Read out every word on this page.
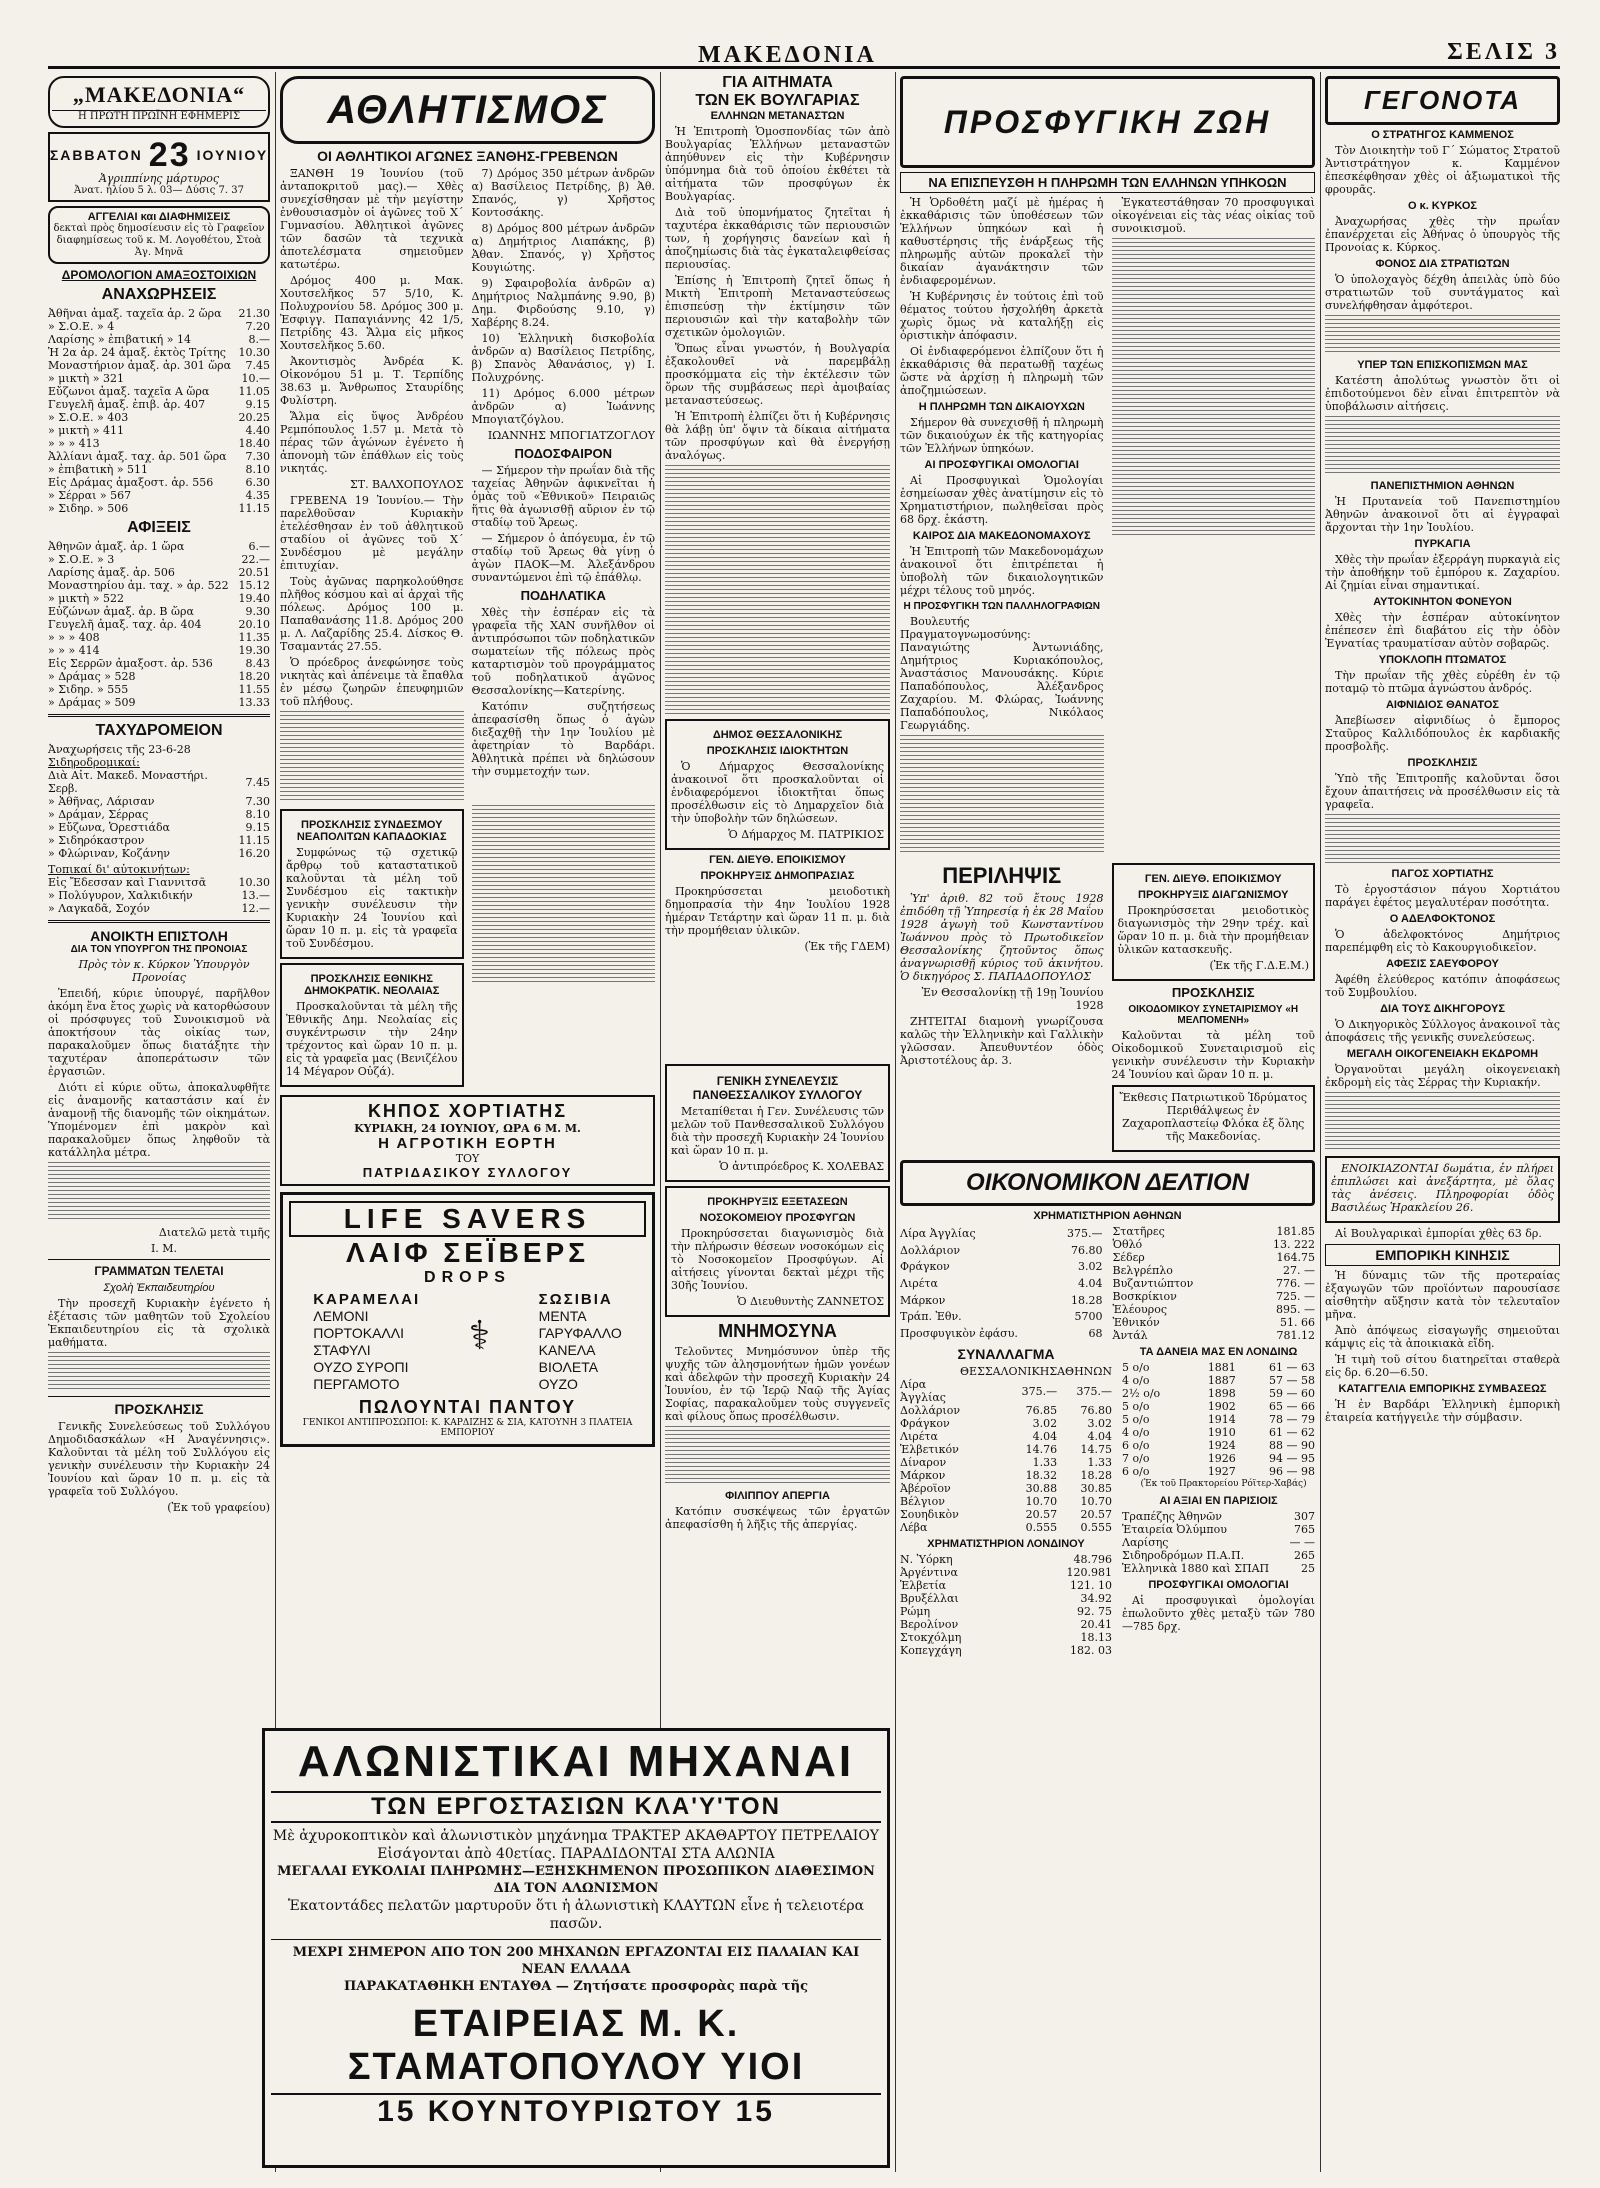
ΜΑΚΕΔΟΝΙΑ	ΣΕΛΙΣ 3
„ΜΑΚΕΔΟΝΙΑ“
Η ΠΡΩΤΗ ΠΡΩΪΝΗ ΕΦΗΜΕΡΙΣ
ΣΑΒΒΑΤΟΝ 23 ΙΟΥΝΙΟΥ
Ἀγριππίνης μάρτυρος
Ἀνατ. ἡλίου 5 λ. 03— Δύσις 7. 37
ΑΓΓΕΛΙΑΙ και ΔΙΑΦΗΜΙΣΕΙΣ
δεκταὶ πρὸς δημοσίευσιν εἰς τὸ Γραφεῖον διαφημίσεως τοῦ κ. Μ. Λογοθέτου, Στοὰ Ἀγ. Μηνᾶ
ΔΡΟΜΟΛΟΓΙΟΝ ΑΜΑΞΟΣΤΟΙΧΙΩΝ
ΑΝΑΧΩΡΗΣΕΙΣ
Ἀθῆναι ἀμαξ. ταχεῖα ἀρ. 2 ὥρα	21.30
» Σ.Ο.Ε. » 4	7.20
Λαρίσης » ἐπιβατική » 14	8.—
Ἡ 2α ἀρ. 24 ἀμαξ. ἐκτὸς Τρίτης	10.30
Μοναστήριον ἀμαξ. ἀρ. 301 ὥρα	7.45
» μικτὴ » 321	10.—
Εὔζωνοι ἀμαξ. ταχεῖα Α ὥρα	11.05
Γευγελῆ ἀμαξ. ἐπιβ. ἀρ. 407	9.15
» Σ.Ο.Ε. » 403	20.25
» μικτὴ » 411	4.40
» » » 413	18.40
Ἀλλίανι ἀμαξ. ταχ. ἀρ. 501 ὥρα	7.30
» ἐπιβατικὴ » 511	8.10
Εἰς Δράμας ἀμαξοστ. ἀρ. 556	6.30
» Σέρραι » 567	4.35
» Σιδηρ. » 506	11.15
ΑΦΙΞΕΙΣ
Ἀθηνῶν ἀμαξ. ἀρ. 1 ὥρα	6.—
» Σ.Ο.Ε. » 3	22.—
Λαρίσης ἀμαξ. ἀρ. 506	20.51
Μοναστηρίου ἀμ. ταχ. » ἀρ. 522	15.12
» μικτὴ » 522	19.40
Εὐζώνων ἀμαξ. ἀρ. Β ὥρα	9.30
Γευγελῆ ἀμαξ. ταχ. ἀρ. 404	20.10
» » » 408	11.35
» » » 414	19.30
Εἰς Σερρῶν ἀμαξοστ. ἀρ. 536	8.43
» Δράμας » 528	18.20
» Σιδηρ. » 555	11.55
» Δράμας » 509	13.33
ΤΑΧΥΔΡΟΜΕΙΟΝ
Ἀναχωρήσεις τῆς 23-6-28
Σιδηροδρομικαί:
Διὰ Αἰτ. Μακεδ. Μοναστήρι. Σερβ.	7.45
» Ἀθῆνας, Λάρισαν	7.30
» Δράμαν, Σέρρας	8.10
» Εὔζωνα, Ὁρεστιάδα	9.15
» Σιδηρόκαστρον	11.15
» Φλώριναν, Κοζάνην	16.20
Τοπικαί δι' αὐτοκινήτων:
Εἰς Ἔδεσσαν καὶ Γιαννιτσᾶ	10.30
» Πολύγυρον, Χαλκιδικήν	13.—
» Λαγκαδᾶ, Σοχόν	12.—
ΑΝΟΙΚΤΗ ΕΠΙΣΤΟΛΗ
ΔΙΑ ΤΟΝ ΥΠΟΥΡΓΟΝ ΤΗΣ ΠΡΟΝΟΙΑΣ

Πρὸς τὸν κ. Κύρκον Ὑπουργὸν Προνοίας

Ἐπειδή, κύριε ὑπουργέ, παρῆλθον ἀκόμη ἕνα ἔτος χωρὶς νὰ κατορθώσουν οἱ πρόσφυγες τοῦ Συνοικισμοῦ νὰ ἀποκτήσουν τὰς οἰκίας των, παρακαλοῦμεν ὅπως διατάξητε τὴν ταχυτέραν ἀποπεράτωσιν τῶν ἐργασιῶν.

Διότι εἰ κύριε οὕτω, ἀποκαλυφθῆτε εἰς ἀναμονῆς καταστάσιν καί ἐν ἀναμονῇ τῆς διανομῆς τῶν οἰκημάτων. Ὑπομένομεν ἐπὶ μακρὸν καὶ παρακαλοῦμεν ὅπως ληφθοῦν τὰ κατάλληλα μέτρα.

Διατελῶ μετὰ τιμῆς

Ι. Μ.

ΓΡΑΜΜΑΤΩΝ ΤΕΛΕΤΑΙ
Σχολὴ Ἐκπαιδευτηρίου

Τὴν προσεχῆ Κυριακὴν ἐγένετο ἡ ἐξέτασις τῶν μαθητῶν τοῦ Σχολείου Ἐκπαιδευτηρίου εἰς τὰ σχολικὰ μαθήματα.

ΠΡΟΣΚΛΗΣΙΣ

Γενικῆς Συνελεύσεως τοῦ Συλλόγου Δημοδιδασκάλων «Η Ἀναγέννησις». Καλοῦνται τὰ μέλη τοῦ Συλλόγου εἰς γενικὴν συνέλευσιν τὴν Κυριακὴν 24 Ἰουνίου καὶ ὥραν 10 π. μ. εἰς τὰ γραφεῖα τοῦ Συλλόγου.

(Ἐκ τοῦ γραφείου)

ΑΘΛΗΤΙΣΜΟΣ
ΟΙ ΑΘΛΗΤΙΚΟΙ ΑΓΩΝΕΣ ΞΑΝΘΗΣ-ΓΡΕΒΕΝΩΝ

ΞΑΝΘΗ 19 Ἰουνίου (τοῦ ἀνταποκριτοῦ μας).— Χθὲς συνεχίσθησαν μὲ τὴν μεγίστην ἐνθουσιασμὸν οἱ ἀγῶνες τοῦ Χ΄ Γυμνασίου. Ἀθλητικοὶ ἀγῶνες τῶν δασῶν τὰ τεχνικὰ ἀποτελέσματα σημειοῦμεν κατωτέρω.

Δρόμος 400 μ. Μακ. Χουτσελῆκος 57 5/10, Κ. Πολυχρονίου 58. Δρόμος 300 μ. Ἐσφιγγ. Παπαγιάννης 42 1/5, Πετρίδης 43. Ἅλμα εἰς μῆκος Χουτσελῆκος 5.60.

Ἀκοντισμὸς Ἀνδρέα Κ. Οἰκονόμου 51 μ. Τ. Τερπίδης 38.63 μ. Ἄνθρωπος Σταυρίδης Φυλίστρη.

Ἅλμα εἰς ὕψος Ἀνδρέου Ρεμπόπουλος 1.57 μ. Μετὰ τὸ πέρας τῶν ἀγώνων ἐγένετο ἡ ἀπονομὴ τῶν ἐπάθλων εἰς τοὺς νικητάς.

ΣΤ. ΒΑΛΧΟΠΟΥΛΟΣ

ΓΡΕΒΕΝΑ 19 Ἰουνίου.— Τὴν παρελθοῦσαν Κυριακὴν ἐτελέσθησαν ἐν τοῦ ἀθλητικοῦ σταδίου οἱ ἀγῶνες τοῦ Χ΄ Συνδέσμου μὲ μεγάλην ἐπιτυχίαν.

Τοὺς ἀγῶνας παρηκολούθησε πλῆθος κόσμου καὶ αἱ ἀρχαὶ τῆς πόλεως. Δρόμος 100 μ. Παπαθανάσης 11.8. Δρόμος 200 μ. Λ. Λαζαρίδης 25.4. Δίσκος Θ. Τσαμαντάς 27.55.

Ὁ πρόεδρος ἀνεφώνησε τοὺς νικητὰς καὶ ἀπένειμε τὰ ἔπαθλα ἐν μέσῳ ζωηρῶν ἐπευφημιῶν τοῦ πλήθους.

7) Δρόμος 350 μέτρων ἀνδρῶν α) Βασίλειος Πετρίδης, β) Ἀθ. Σπανός, γ) Χρῆστος Κοντοσάκης.

8) Δρόμος 800 μέτρων ἀνδρῶν α) Δημήτριος Λιαπάκης, β) Ἀθαν. Σπανός, γ) Χρῆστος Κουγιώτης.

9) Σφαιροβολία ἀνδρῶν α) Δημήτριος Ναλμπάνης 9.90, β) Δημ. Φιρδούσης 9.10, γ) Χαβέρης 8.24.

10) Ἑλληνικὴ δισκοβολία ἀνδρῶν α) Βασίλειος Πετρίδης, β) Σπανὸς Ἀθανάσιος, γ) Ι. Πολυχρόνης.

11) Δρόμος 6.000 μέτρων ἀνδρῶν α) Ἰωάννης Μπογιατζόγλου.

ΙΩΑΝΝΗΣ ΜΠΟΓΙΑΤΖΟΓΛΟΥ

ΠΟΔΟΣΦΑΙΡΟΝ

— Σήμερον τὴν πρωΐαν διὰ τῆς ταχείας Ἀθηνῶν ἀφικνεῖται ἡ ὁμὰς τοῦ «Ἐθνικοῦ» Πειραιῶς ἥτις θὰ ἀγωνισθῇ αὔριον ἐν τῷ σταδίῳ τοῦ Ἅρεως.

— Σήμερον ὁ ἀπόγευμα, ἐν τῷ σταδίῳ τοῦ Ἄρεως θὰ γίνῃ ὁ ἀγὼν ΠΑΟΚ—Μ. Ἀλεξάνδρου συναντώμενοι ἐπὶ τῷ ἐπάθλῳ.

ΠΟΔΗΛΑΤΙΚΑ

Χθὲς τὴν ἑσπέραν εἰς τὰ γραφεῖα τῆς ΧΑΝ συνῆλθον οἱ ἀντιπρόσωποι τῶν ποδηλατικῶν σωματείων τῆς πόλεως πρὸς καταρτισμὸν τοῦ προγράμματος τοῦ ποδηλατικοῦ ἀγῶνος Θεσσαλονίκης—Κατερίνης.

Κατόπιν συζητήσεως ἀπεφασίσθη ὅπως ὁ ἀγὼν διεξαχθῇ τὴν 1ην Ἰουλίου μὲ ἀφετηρίαν τὸ Βαρδάρι. Ἀθλητικὰ πρέπει νὰ δηλώσουν τὴν συμμετοχήν των.

ΠΡΟΣΚΛΗΣΙΣ ΣΥΝΔΕΣΜΟΥ ΝΕΑΠΟΛΙΤΩΝ ΚΑΠΑΔΟΚΙΑΣ

Συμφώνως τῷ σχετικῷ ἄρθρῳ τοῦ καταστατικοῦ καλοῦνται τὰ μέλη τοῦ Συνδέσμου εἰς τακτικὴν γενικὴν συνέλευσιν τὴν Κυριακὴν 24 Ἰουνίου καὶ ὥραν 10 π. μ. εἰς τὰ γραφεῖα τοῦ Συνδέσμου.

ΠΡΟΣΚΛΗΣΙΣ ΕΘΝΙΚΗΣ ΔΗΜΟΚΡΑΤΙΚ. ΝΕΟΛΑΙΑΣ

Προσκαλοῦνται τὰ μέλη τῆς Ἐθνικῆς Δημ. Νεολαίας εἰς συγκέντρωσιν τὴν 24ην τρέχοντος καὶ ὥραν 10 π. μ. εἰς τὰ γραφεῖα μας (Βενιζέλου 14 Μέγαρον Οὐζά).

ΚΗΠΟΣ ΧΟΡΤΙΑΤΗΣ
ΚΥΡΙΑΚΗ, 24 ΙΟΥΝΙΟΥ, ΩΡΑ 6 Μ. Μ.
Η ΑΓΡΟΤΙΚΗ ΕΟΡΤΗ
ΤΟΥ
ΠΑΤΡΙΔΑΣΙΚΟΥ ΣΥΛΛΟΓΟΥ
LIFE SAVERS
ΛΑΙΦ ΣΕΪΒΕΡΣ
DROPS
ΚΑΡΑΜΕΛΑΙ
ΛΕΜΟΝΙ
ΠΟΡΤΟΚΑΛΛΙ
ΣΤΑΦΥΛΙ
ΟΥΖΟ ΣΥΡΟΠΙ
ΠΕΡΓΑΜΟΤΟ
⚕
ΣΩΣΙΒΙΑ
ΜΕΝΤΑ
ΓΑΡΥΦΑΛΛΟ
ΚΑΝΕΛΑ
ΒΙΟΛΕΤΑ
ΟΥΖΟ
ΠΩΛΟΥΝΤΑΙ ΠΑΝΤΟΥ
ΓΕΝΙΚΟΙ ΑΝΤΙΠΡΟΣΩΠΟΙ: Κ. ΚΑΡΔΙΖΗΣ & ΣΙΑ, ΚΑΤΟΥΝΗ 3 ΠΛΑΤΕΙΑ ΕΜΠΟΡΙΟΥ
ΓΙΑ ΑΙΤΗΜΑΤΑ
ΤΩΝ ΕΚ ΒΟΥΛΓΑΡΙΑΣ
ΕΛΛΗΝΩΝ ΜΕΤΑΝΑΣΤΩΝ

Ἡ Ἐπιτροπὴ Ὁμοσπονδίας τῶν ἀπὸ Βουλγαρίας Ἑλλήνων μεταναστῶν ἀπηύθυνεν εἰς τὴν Κυβέρνησιν ὑπόμνημα διὰ τοῦ ὁποίου ἐκθέτει τὰ αἰτήματα τῶν προσφύγων ἐκ Βουλγαρίας.

Διὰ τοῦ ὑπομνήματος ζητεῖται ἡ ταχυτέρα ἐκκαθάρισις τῶν περιουσιῶν των, ἡ χορήγησις δανείων καὶ ἡ ἀποζημίωσις διὰ τὰς ἐγκαταλειφθείσας περιουσίας.

Ἐπίσης ἡ Ἐπιτροπὴ ζητεῖ ὅπως ἡ Μικτὴ Ἐπιτροπὴ Μεταναστεύσεως ἐπισπεύσῃ τὴν ἐκτίμησιν τῶν περιουσιῶν καὶ τὴν καταβολὴν τῶν σχετικῶν ὀμολογιῶν.

Ὅπως εἶναι γνωστόν, ἡ Βουλγαρία ἐξακολουθεῖ νὰ παρεμβάλῃ προσκόμματα εἰς τὴν ἐκτέλεσιν τῶν ὅρων τῆς συμβάσεως περὶ ἀμοιβαίας μεταναστεύσεως.

Ἡ Ἐπιτροπὴ ἐλπίζει ὅτι ἡ Κυβέρνησις θὰ λάβῃ ὑπ' ὄψιν τὰ δίκαια αἰτήματα τῶν προσφύγων καὶ θὰ ἐνεργήσῃ ἀναλόγως.

ΔΗΜΟΣ ΘΕΣΣΑΛΟΝΙΚΗΣ
ΠΡΟΣΚΛΗΣΙΣ ΙΔΙΟΚΤΗΤΩΝ

Ὁ Δήμαρχος Θεσσαλονίκης ἀνακοινοῖ ὅτι προσκαλοῦνται οἱ ἐνδιαφερόμενοι ἰδιοκτῆται ὅπως προσέλθωσιν εἰς τὸ Δημαρχεῖον διὰ τὴν ὑποβολὴν τῶν δηλώσεων.

Ὁ Δήμαρχος Μ. ΠΑΤΡΙΚΙΟΣ

ΓΕΝ. ΔΙΕΥΘ. ΕΠΟΙΚΙΣΜΟΥ
ΠΡΟΚΗΡΥΞΙΣ ΔΗΜΟΠΡΑΣΙΑΣ

Προκηρύσσεται μειοδοτικὴ δημοπρασία τὴν 4ην Ἰουλίου 1928 ἡμέραν Τετάρτην καὶ ὥραν 11 π. μ. διὰ τὴν προμήθειαν ὑλικῶν.

(Ἐκ τῆς ΓΔΕΜ)

ΠΡΟΣΦΥΓΙΚΗ ΖΩΗ
ΝΑ ΕΠΙΣΠΕΥΣΘΗ Η ΠΛΗΡΩΜΗ ΤΩΝ ΕΛΛΗΝΩΝ ΥΠΗΚΟΩΝ

Ἡ Ὁρδοθέτη μαζί μὲ ἡμέρας ἡ ἐκκαθάρισις τῶν ὑποθέσεων τῶν Ἑλλήνων ὑπηκόων καὶ ἡ καθυστέρησις τῆς ἐνάρξεως τῆς πληρωμῆς αὐτῶν προκαλεῖ τὴν δικαίαν ἀγανάκτησιν τῶν ἐνδιαφερομένων.

Ἡ Κυβέρνησις ἐν τούτοις ἐπὶ τοῦ θέματος τούτου ἠσχολήθη ἀρκετὰ χωρὶς ὅμως νὰ καταλήξῃ εἰς ὁριστικὴν ἀπόφασιν.

Οἱ ἐνδιαφερόμενοι ἐλπίζουν ὅτι ἡ ἐκκαθάρισις θὰ περατωθῇ ταχέως ὥστε νὰ ἀρχίσῃ ἡ πληρωμὴ τῶν ἀποζημιώσεων.

Η ΠΛΗΡΩΜΗ ΤΩΝ ΔΙΚΑΙΟΥΧΩΝ

Σήμερον θὰ συνεχισθῇ ἡ πληρωμὴ τῶν δικαιούχων ἐκ τῆς κατηγορίας τῶν Ἑλλήνων ὑπηκόων.

ΑΙ ΠΡΟΣΦΥΓΙΚΑΙ ΟΜΟΛΟΓΙΑΙ

Αἱ Προσφυγικαὶ Ὁμολογίαι ἐσημείωσαν χθὲς ἀνατίμησιν εἰς τὸ Χρηματιστήριον, πωληθεῖσαι πρὸς 68 δρχ. ἑκάστη.

ΚΑΙΡΟΣ ΔΙΑ ΜΑΚΕΔΟΝΟΜΑΧΟΥΣ

Ἡ Ἐπιτροπὴ τῶν Μακεδονομάχων ἀνακοινοῖ ὅτι ἐπιτρέπεται ἡ ὑποβολὴ τῶν δικαιολογητικῶν μέχρι τέλους τοῦ μηνός.

Η ΠΡΟΣΦΥΓΙΚΗ ΤΩΝ ΠΑΛΛΗΛΟΓΡΑΦΙΩΝ

Βουλευτής Πραγματογνωμοσύνης: Παναγιώτης Ἀντωνιάδης, Δημήτριος Κυριακόπουλος, Ἀναστάσιος Μανουσάκης. Κύριε Παπαδόπουλος, Ἀλέξανδρος Ζαχαρίου. Μ. Φλώρας, Ἰωάννης Παπαδόπουλος, Νικόλαος Γεωργιάδης.

Ἐγκατεστάθησαν 70 προσφυγικαὶ οἰκογένειαι εἰς τὰς νέας οἰκίας τοῦ συνοικισμοῦ.

ΠΕΡΙΛΗΨΙΣ

Ὑπ' ἀριθ. 82 τοῦ ἔτους 1928 ἐπιδόθη τῇ Ὑπηρεσίᾳ ἡ ἐκ 28 Μαΐου 1928 ἀγωγὴ τοῦ Κωνσταντίνου Ἰωάννου πρὸς τὸ Πρωτοδικεῖον Θεσσαλονίκης ζητοῦντος ὅπως ἀναγνωρισθῇ κύριος τοῦ ἀκινήτου. Ὁ δικηγόρος Σ. ΠΑΠΑΔΟΠΟΥΛΟΣ

Ἐν Θεσσαλονίκῃ τῇ 19ῃ Ἰουνίου 1928

ΖΗΤΕΙΤΑΙ διαμονὴ γνωρίζουσα καλῶς τὴν Ἑλληνικὴν καὶ Γαλλικὴν γλῶσσαν. Ἀπευθυντέον ὁδὸς Ἀριστοτέλους ἀρ. 3.

ΓΕΝ. ΔΙΕΥΘ. ΕΠΟΙΚΙΣΜΟΥ
ΠΡΟΚΗΡΥΞΙΣ ΔΙΑΓΩΝΙΣΜΟΥ

Προκηρύσσεται μειοδοτικὸς διαγωνισμὸς τὴν 29ην τρέχ. καὶ ὥραν 10 π. μ. διὰ τὴν προμήθειαν ὑλικῶν κατασκευῆς.

(Ἐκ τῆς Γ.Δ.Ε.Μ.)

ΠΡΟΣΚΛΗΣΙΣ
ΟΙΚΟΔΟΜΙΚΟΥ ΣΥΝΕΤΑΙΡΙΣΜΟΥ «Η ΜΕΛΠΟΜΕΝΗ»

Καλοῦνται τὰ μέλη τοῦ Οἰκοδομικοῦ Συνεταιρισμοῦ εἰς γενικὴν συνέλευσιν τὴν Κυριακὴν 24 Ἰουνίου καὶ ὥραν 10 π. μ.

Ἔκθεσις Πατριωτικοῦ Ἱδρύματος Περιθάλψεως ἐν Ζαχαροπλαστείῳ Φλόκα ἐξ ὅλης τῆς Μακεδονίας.

ΟΙΚΟΝΟΜΙΚΟΝ ΔΕΛΤΙΟΝ
ΧΡΗΜΑΤΙΣΤΗΡΙΟΝ ΑΘΗΝΩΝ
Λίρα Ἀγγλίας	375.—
Δολλάριον	76.80
Φράγκον	3.02
Λιρέτα	4.04
Μάρκον	18.28
Τράπ. Ἐθν.	5700
Προσφυγικὸν ἐφάσυ.	68
Στατῆρες	181.85
Ὁθλό	13. 222
Σέδερ	164.75
Βελγρέπλο	27. —
Βυζαντιώπτον	776. —
Βοσκρίκιον	725. —
Ἑλέουρος	895. —
Ἐθνικόν	51. 66
Ἀντάλ	781.12
ΣΥΝΑΛΛΑΓΜΑ
	ΘΕΣΣΑΛΟΝΙΚΗΣ	ΑΘΗΝΩΝ
Λίρα Ἀγγλίας	375.—	375.—
Δολλάριον	76.85	76.80
Φράγκον	3.02	3.02
Λιρέτα	4.04	4.04
Ἑλβετικόν	14.76	14.75
Δίναρον	1.33	1.33
Μάρκον	18.32	18.28
Ἀβέροϊον	30.88	30.85
Βέλγιον	10.70	10.70
Σουηδικὸν	20.57	20.57
Λέβα	0.555	0.555
ΧΡΗΜΑΤΙΣΤΗΡΙΟΝ ΛΟΝΔΙΝΟΥ
Ν. Ὑόρκη	48.796
Ἀργέντινα	120.981
Ἑλβετία	121. 10
Βρυξέλλαι	34.92
Ρώμη	92. 75
Βερολίνον	20.41
Στοκχόλμη	18.13
Κοπεγχάγη	182. 03
ΤΑ ΔΑΝΕΙΑ ΜΑΣ ΕΝ ΛΟΝΔΙΝΩ
5 ο/ο	1881	61 — 63
4 ο/ο	1887	57 — 58
2½ ο/ο	1898	59 — 60
5 ο/ο	1902	65 — 66
5 ο/ο	1914	78 — 79
4 ο/ο	1910	61 — 62
6 ο/ο	1924	88 — 90
7 ο/ο	1926	94 — 95
6 ο/ο	1927	96 — 98

(Ἐκ τοῦ Πρακτορείου Ρόϊτερ-Χαβάς)

ΑΙ ΑΞΙΑΙ ΕΝ ΠΑΡΙΣΙΟΙΣ
Τραπέζης Ἀθηνῶν	307
Ἑταιρεία Ὀλύμπου	765
Λαρίσης	— —
Σιδηροδρόμων Π.Α.Π.	265
Ἑλληνικὰ 1880 καὶ ΣΠΑΠ	25
ΠΡΟΣΦΥΓΙΚΑΙ ΟΜΟΛΟΓΙΑΙ

Αἱ προσφυγικαὶ ὁμολογίαι ἐπωλοῦντο χθὲς μεταξὺ τῶν 780—785 δρχ.

ΓΕΝΙΚΗ ΣΥΝΕΛΕΥΣΙΣ ΠΑΝΘΕΣΣΑΛΙΚΟΥ ΣΥΛΛΟΓΟΥ

Μεταπίθεται ἡ Γεν. Συνέλευσις τῶν μελῶν τοῦ Πανθεσσαλικοῦ Συλλόγου διὰ τὴν προσεχῆ Κυριακὴν 24 Ἰουνίου καὶ ὥραν 10 π. μ.

Ὁ ἀντιπρόεδρος Κ. ΧΟΛΕΒΑΣ

ΠΡΟΚΗΡΥΞΙΣ ΕΞΕΤΑΣΕΩΝ
ΝΟΣΟΚΟΜΕΙΟΥ ΠΡΟΣΦΥΓΩΝ

Προκηρύσσεται διαγωνισμὸς διὰ τὴν πλήρωσιν θέσεων νοσοκόμων εἰς τὸ Νοσοκομεῖον Προσφύγων. Αἱ αἰτήσεις γίνονται δεκταὶ μέχρι τῆς 30ῆς Ἰουνίου.

Ὁ Διευθυντὴς ΖΑΝΝΕΤΟΣ

ΜΝΗΜΟΣΥΝΑ

Τελοῦντες Μνημόσυνον ὑπὲρ τῆς ψυχῆς τῶν ἀλησμονήτων ἡμῶν γονέων καὶ ἀδελφῶν τὴν προσεχῆ Κυριακὴν 24 Ἰουνίου, ἐν τῷ Ἱερῷ Ναῷ τῆς Ἁγίας Σοφίας, παρακαλοῦμεν τοὺς συγγενεῖς καὶ φίλους ὅπως προσέλθωσιν.

ΦΙΛΙΠΠΟΥ ΑΠΕΡΓΙΑ

Κατόπιν συσκέψεως τῶν ἐργατῶν ἀπεφασίσθη ἡ λῆξις τῆς ἀπεργίας.

ΑΛΩΝΙΣΤΙΚΑΙ ΜΗΧΑΝΑΙ
ΤΩΝ ΕΡΓΟΣΤΑΣΙΩΝ ΚΛΑ'Υ'ΤΟΝ
Μὲ ἀχυροκοπτικὸν καὶ ἁλωνιστικὸν μηχάνημα ΤΡΑΚΤΕΡ ΑΚΑΘΑΡΤΟΥ ΠΕΤΡΕΛΑΙΟΥ
Εἰσάγονται ἀπὸ 40ετίας. ΠΑΡΑΔΙΔΟΝΤΑΙ ΣΤΑ ΑΛΩΝΙΑ
ΜΕΓΑΛΑΙ ΕΥΚΟΛΙΑΙ ΠΛΗΡΩΜΗΣ—ΕΞΗΣΚΗΜΕΝΟΝ ΠΡΟΣΩΠΙΚΟΝ ΔΙΑΘΕΣΙΜΟΝ ΔΙΑ ΤΟΝ ΑΛΩΝΙΣΜΟΝ
Ἑκατοντάδες πελατῶν μαρτυροῦν ὅτι ἡ ἁλωνιστικὴ ΚΛΑΥΤΩΝ εἶνε ἡ τελειοτέρα πασῶν.
ΜΕΧΡΙ ΣΗΜΕΡΟΝ ΑΠΟ ΤΟΝ 200 ΜΗΧΑΝΩΝ ΕΡΓΑΖΟΝΤΑΙ ΕΙΣ ΠΑΛΑΙΑΝ ΚΑΙ ΝΕΑΝ ΕΛΛΑΔΑ
ΠΑΡΑΚΑΤΑΘΗΚΗ ΕΝΤΑΥΘΑ — Ζητήσατε προσφορὰς παρὰ τῆς
ΕΤΑΙΡΕΙΑΣ Μ. Κ. ΣΤΑΜΑΤΟΠΟΥΛΟΥ ΥΙΟΙ
15 ΚΟΥΝΤΟΥΡΙΩΤΟΥ 15
ΓΕΓΟΝΟΤΑ
Ο ΣΤΡΑΤΗΓΟΣ ΚΑΜΜΕΝΟΣ

Τὸν Διοικητὴν τοῦ Γ΄ Σώματος Στρατοῦ Ἀντιστράτηγον κ. Καμμένον ἐπεσκέφθησαν χθὲς οἱ ἀξιωματικοὶ τῆς φρουρᾶς.

Ο κ. ΚΥΡΚΟΣ

Ἀναχωρήσας χθὲς τὴν πρωΐαν ἐπανέρχεται εἰς Ἀθήνας ὁ ὑπουργὸς τῆς Προνοίας κ. Κύρκος.

ΦΟΝΟΣ ΔΙΑ ΣΤΡΑΤΙΩΤΩΝ

Ὁ ὑπολοχαγὸς δέχθη ἀπειλὰς ὑπὸ δύο στρατιωτῶν τοῦ συντάγματος καὶ συνελήφθησαν ἀμφότεροι.

ΥΠΕΡ ΤΩΝ ΕΠΙΣΚΟΠΙΣΜΩΝ ΜΑΣ

Κατέστη ἀπολύτως γνωστὸν ὅτι οἱ ἐπιδοτούμενοι δὲν εἶναι ἐπιτρεπτὸν νὰ ὑποβάλωσιν αἰτήσεις.

ΠΑΝΕΠΙΣΤΗΜΙΟΝ ΑΘΗΝΩΝ

Ἡ Πρυτανεία τοῦ Πανεπιστημίου Ἀθηνῶν ἀνακοινοῖ ὅτι αἱ ἐγγραφαὶ ἄρχονται τὴν 1ην Ἰουλίου.

ΠΥΡΚΑΓΙΑ

Χθὲς τὴν πρωΐαν ἐξερράγη πυρκαγιὰ εἰς τὴν ἀποθήκην τοῦ ἐμπόρου κ. Ζαχαρίου. Αἱ ζημίαι εἶναι σημαντικαί.

ΑΥΤΟΚΙΝΗΤΟΝ ΦΟΝΕΥΟΝ

Χθὲς τὴν ἑσπέραν αὐτοκίνητον ἐπέπεσεν ἐπὶ διαβάτου εἰς τὴν ὁδὸν Ἐγνατίας τραυματίσαν αὐτὸν σοβαρῶς.

ΥΠΟΚΛΟΠΗ ΠΤΩΜΑΤΟΣ

Τὴν πρωΐαν τῆς χθὲς εὑρέθη ἐν τῷ ποταμῷ τὸ πτῶμα ἀγνώστου ἀνδρός.

ΑΙΦΝΙΔΙΟΣ ΘΑΝΑΤΟΣ

Ἀπεβίωσεν αἰφνιδίως ὁ ἔμπορος Σταῦρος Καλλιδόπουλος ἐκ καρδιακῆς προσβολῆς.

ΠΡΟΣΚΛΗΣΙΣ

Ὑπὸ τῆς Ἐπιτροπῆς καλοῦνται ὅσοι ἔχουν ἀπαιτήσεις νὰ προσέλθωσιν εἰς τὰ γραφεῖα.

ΠΑΓΟΣ ΧΟΡΤΙΑΤΗΣ

Τὸ ἐργοστάσιον πάγου Χορτιάτου παράγει ἐφέτος μεγαλυτέραν ποσότητα.

Ο ΑΔΕΛΦΟΚΤΟΝΟΣ

Ὁ ἀδελφοκτόνος Δημήτριος παρεπέμφθη εἰς τὸ Κακουργιοδικεῖον.

ΑΦΕΣΙΣ ΣΑΕΥΦΟΡΟΥ

Ἀφέθη ἐλεύθερος κατόπιν ἀποφάσεως τοῦ Συμβουλίου.

ΔΙΑ ΤΟΥΣ ΔΙΚΗΓΟΡΟΥΣ

Ὁ Δικηγορικὸς Σύλλογος ἀνακοινοῖ τὰς ἀποφάσεις τῆς γενικῆς συνελεύσεως.

ΜΕΓΑΛΗ ΟΙΚΟΓΕΝΕΙΑΚΗ ΕΚΔΡΟΜΗ

Ὀργανοῦται μεγάλη οἰκογενειακὴ ἐκδρομὴ εἰς τὰς Σέρρας τὴν Κυριακήν.

ΕΝΟΙΚΙΑΖΟΝΤΑΙ δωμάτια, ἐν πλήρει ἐπιπλώσει καὶ ἀνεξάρτητα, μὲ ὅλας τὰς ἀνέσεις. Πληροφορίαι ὁδὸς Βασιλέως Ἡρακλείου 26.

Αἱ Βουλγαρικαὶ ἐμπορίαι χθὲς 63 δρ.

ΕΜΠΟΡΙΚΗ ΚΙΝΗΣΙΣ

Ἡ δύναμις τῶν τῆς προτεραίας ἐξαγωγῶν τῶν προϊόντων παρουσίασε αἰσθητὴν αὔξησιν κατὰ τὸν τελευταῖον μῆνα.

Ἀπὸ ἀπόψεως εἰσαγωγῆς σημειοῦται κάμψις εἰς τὰ ἀποικιακὰ εἴδη.

Ἡ τιμὴ τοῦ σίτου διατηρεῖται σταθερὰ εἰς δρ. 6.20—6.50.

ΚΑΤΑΓΓΕΛΙΑ ΕΜΠΟΡΙΚΗΣ ΣΥΜΒΑΣΕΩΣ

Ἡ ἐν Βαρδάρι Ἑλληνικὴ ἐμπορικὴ ἑταιρεία κατήγγειλε τὴν σύμβασιν.
